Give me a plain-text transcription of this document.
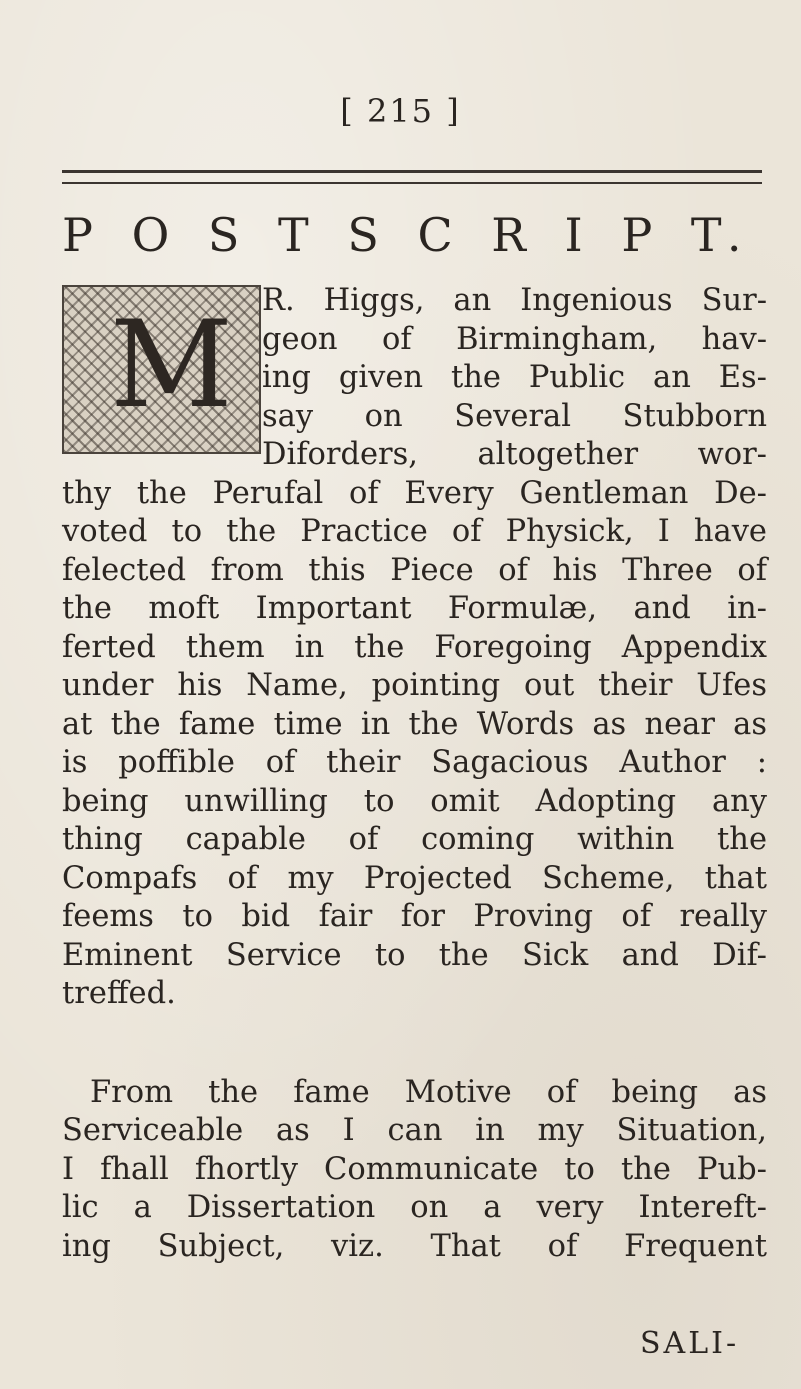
[ 215 ]
P O S T S C R I P T.
M R. Higgs, an Ingenious Sur-
geon of Birmingham, hav-
ing given the Public an Es-
say on Several Stubborn
Diforders, altogether wor-
thy the Perufal of Every Gentleman De-
voted to the Practice of Physick, I have
felected from this Piece of his Three of
the moft Important Formulæ, and in-
ferted them in the Foregoing Appendix
under his Name, pointing out their Ufes
at the fame time in the Words as near as
is poffible of their Sagacious Author :
being unwilling to omit Adopting any
thing capable of coming within the
Compafs of my Projected Scheme, that
feems to bid fair for Proving of really
Eminent Service to the Sick and Dif-
treffed.
From the fame Motive of being as
Serviceable as I can in my Situation,
I fhall fhortly Communicate to the Pub-
lic a Dissertation on a very Intereft-
ing Subject, viz. That of Frequent
SALI-
